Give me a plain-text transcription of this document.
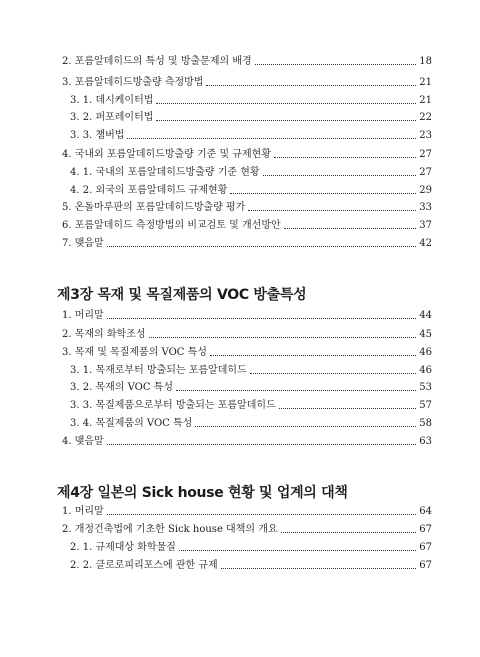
2. 포름알데히드의 특성 및 방출문제의 배경	18
3. 포름알데히드방출량 측정방법	21
3. 1. 데시케이터법	21
3. 2. 퍼포레이터법	22
3. 3. 챔버법	23
4. 국내외 포름알데히드방출량 기준 및 규제현황	27
4. 1. 국내의 포름알데히드방출량 기준 현황	27
4. 2. 외국의 포름알데히드 규제현황	29
5. 온돌마루판의 포름알데히드방출량 평가	33
6. 포름알데히드 측정방법의 비교검토 및 개선방안	37
7. 맺음말	42
제3장 목재 및 목질제품의 VOC 방출특성
1. 머리말	44
2. 목재의 화학조성	45
3. 목재 및 목질제품의 VOC 특성	46
3. 1. 목재로부터 방출되는 포름알데히드	46
3. 2. 목재의 VOC 특성	53
3. 3. 목질제품으로부터 방출되는 포름알데히드	57
3. 4. 목질제품의 VOC 특성	58
4. 맺음말	63
제4장 일본의 Sick house 현황 및 업계의 대책
1. 머리말	64
2. 개정건축법에 기초한 Sick house 대책의 개요	67
2. 1. 규제대상 화학물질	67
2. 2. 클로로피리포스에 관한 규제	67
